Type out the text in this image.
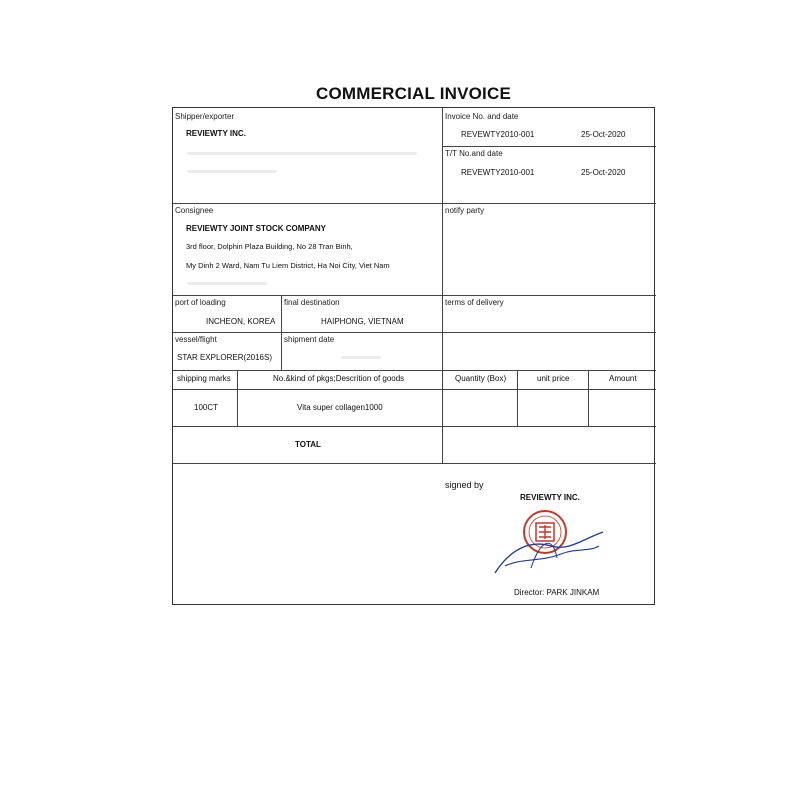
COMMERCIAL INVOICE
Shipper/exporter
REVIEWTY INC.
Invoice No. and date
REVEWTY2010-001	25-Oct-2020
T/T No.and date
REVEWTY2010-001	25-Oct-2020
Consignee
REVIEWTY JOINT STOCK COMPANY
3rd floor, Dolphin Plaza Building, No 28 Tran Binh,
My Dinh 2 Ward, Nam Tu Liem District, Ha Noi City, Viet Nam
notify party
port of loading
INCHEON, KOREA
final destination
HAIPHONG, VIETNAM
terms of delivery
vessel/flight
STAR EXPLORER(2016S)
shipment date
shipping marks	No.&kind of pkgs;Descrition of goods	Quantity (Box)	unit price	Amount
100CT	Vita super collagen1000
TOTAL
signed by
REVIEWTY INC.
Director: PARK JINKAM
